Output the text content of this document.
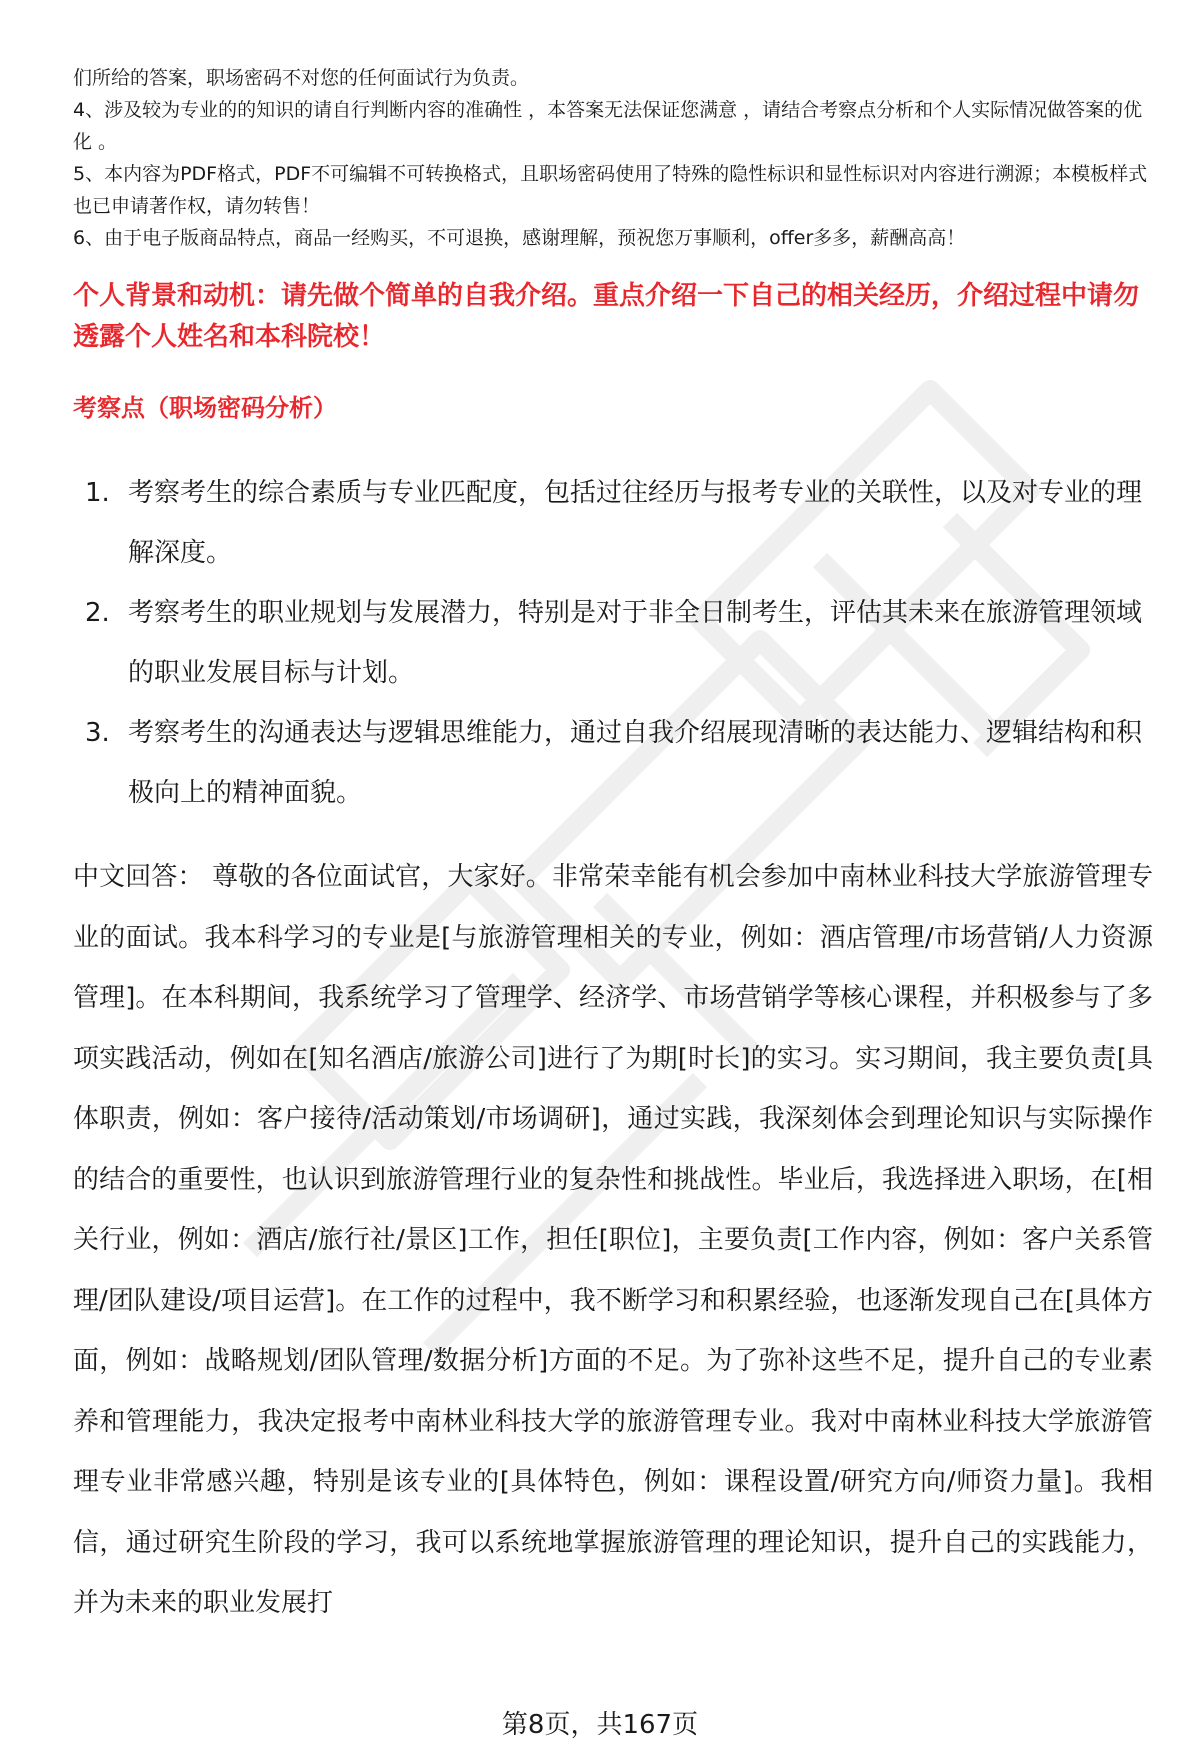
们所给的答案，职场密码不对您的任何面试行为负责。

4、涉及较为专业的的知识的请自行判断内容的准确性 ，本答案无法保证您满意 ，请结合考察点分析和个人实际情况做答案的优化 。

5、本内容为PDF格式，PDF不可编辑不可转换格式，且职场密码使用了特殊的隐性标识和显性标识对内容进行溯源；本模板样式也已申请著作权，请勿转售！

6、由于电子版商品特点，商品一经购买，不可退换，感谢理解，预祝您万事顺利，offer多多，薪酬高高！

个人背景和动机：请先做个简单的自我介绍。重点介绍一下自己的相关经历，介绍过程中请勿透露个人姓名和本科院校！
考察点（职场密码分析）
1. 考察考生的综合素质与专业匹配度，包括过往经历与报考专业的关联性，以及对专业的理解深度。
2. 考察考生的职业规划与发展潜力，特别是对于非全日制考生，评估其未来在旅游管理领域的职业发展目标与计划。
3. 考察考生的沟通表达与逻辑思维能力，通过自我介绍展现清晰的表达能力、逻辑结构和积极向上的精神面貌。

中文回答： 尊敬的各位面试官，大家好。非常荣幸能有机会参加中南林业科技大学旅游管理专业的面试。我本科学习的专业是[与旅游管理相关的专业，例如：酒店管理/市场营销/人力资源管理]。在本科期间，我系统学习了管理学、经济学、市场营销学等核心课程，并积极参与了多项实践活动，例如在[知名酒店/旅游公司]进行了为期[时长]的实习。实习期间，我主要负责[具体职责，例如：客户接待/活动策划/市场调研]，通过实践，我深刻体会到理论知识与实际操作的结合的重要性，也认识到旅游管理行业的复杂性和挑战性。毕业后，我选择进入职场，在[相关行业，例如：酒店/旅行社/景区]工作，担任[职位]，主要负责[工作内容，例如：客户关系管理/团队建设/项目运营]。在工作的过程中，我不断学习和积累经验，也逐渐发现自己在[具体方面，例如：战略规划/团队管理/数据分析]方面的不足。为了弥补这些不足，提升自己的专业素养和管理能力，我决定报考中南林业科技大学的旅游管理专业。我对中南林业科技大学旅游管理专业非常感兴趣，特别是该专业的[具体特色，例如：课程设置/研究方向/师资力量]。我相信，通过研究生阶段的学习，我可以系统地掌握旅游管理的理论知识，提升自己的实践能力，并为未来的职业发展打

第8页，共167页
